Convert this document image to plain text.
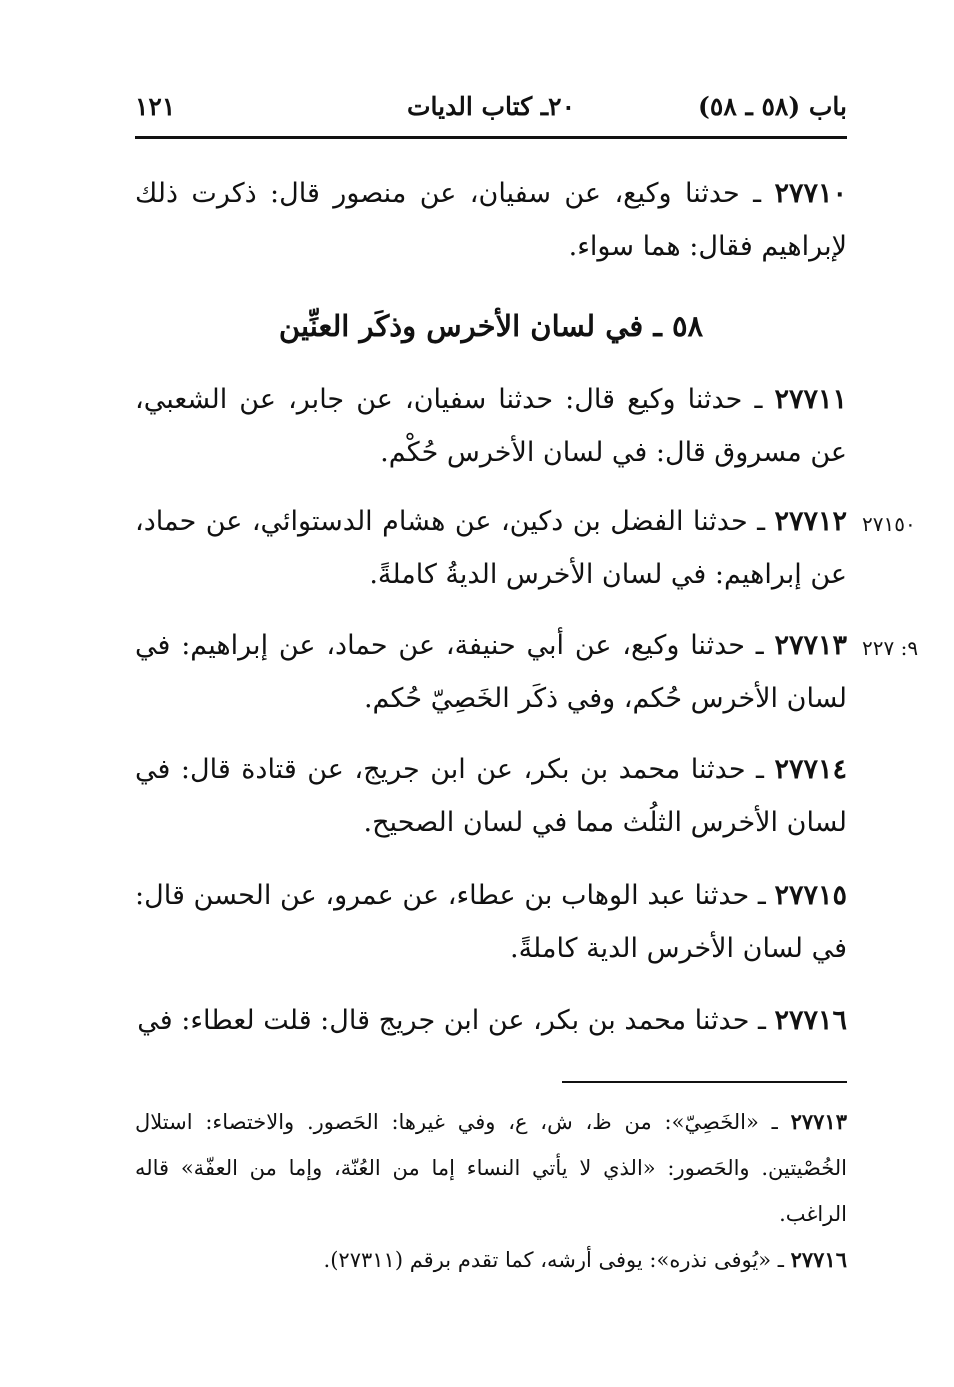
باب (٥٨ ـ ٥٨)
٢٠ـ كتاب الديات
١٢١
٢٧٧١٠ ـ حدثنا وكيع، عن سفيان، عن منصور قال: ذكرت ذلك لإبراهيم فقال: هما سواء.
٥٨ ـ في لسان الأخرس وذكَر العنِّين
٢٧٧١١ ـ حدثنا وكيع قال: حدثنا سفيان، عن جابر، عن الشعبي، عن مسروق قال: في لسان الأخرس حُكْم.
٢٧١٥٠
٢٧٧١٢ ـ حدثنا الفضل بن دكين، عن هشام الدستوائي، عن حماد، عن إبراهيم: في لسان الأخرس الديةُ كاملةً.
٩: ٢٢٧
٢٧٧١٣ ـ حدثنا وكيع، عن أبي حنيفة، عن حماد، عن إبراهيم: في لسان الأخرس حُكم، وفي ذكَر الخَصِيّ حُكم.
٢٧٧١٤ ـ حدثنا محمد بن بكر، عن ابن جريج، عن قتادة قال: في لسان الأخرس الثلُث مما في لسان الصحيح.
٢٧٧١٥ ـ حدثنا عبد الوهاب بن عطاء، عن عمرو، عن الحسن قال: في لسان الأخرس الدية كاملةً.
٢٧٧١٦ ـ حدثنا محمد بن بكر، عن ابن جريج قال: قلت لعطاء: في
٢٧٧١٣ ـ «الخَصِيّ»: من ظ، ش، ع، وفي غيرها: الحَصور. والاختصاء: استلال الخُصْيتين. والحَصور: «الذي لا يأتي النساء إما من العُنّة، وإما من العفّة» قاله الراغب.
٢٧٧١٦ ـ «يُوفى نذره»: يوفى أرشه، كما تقدم برقم (٢٧٣١١).
